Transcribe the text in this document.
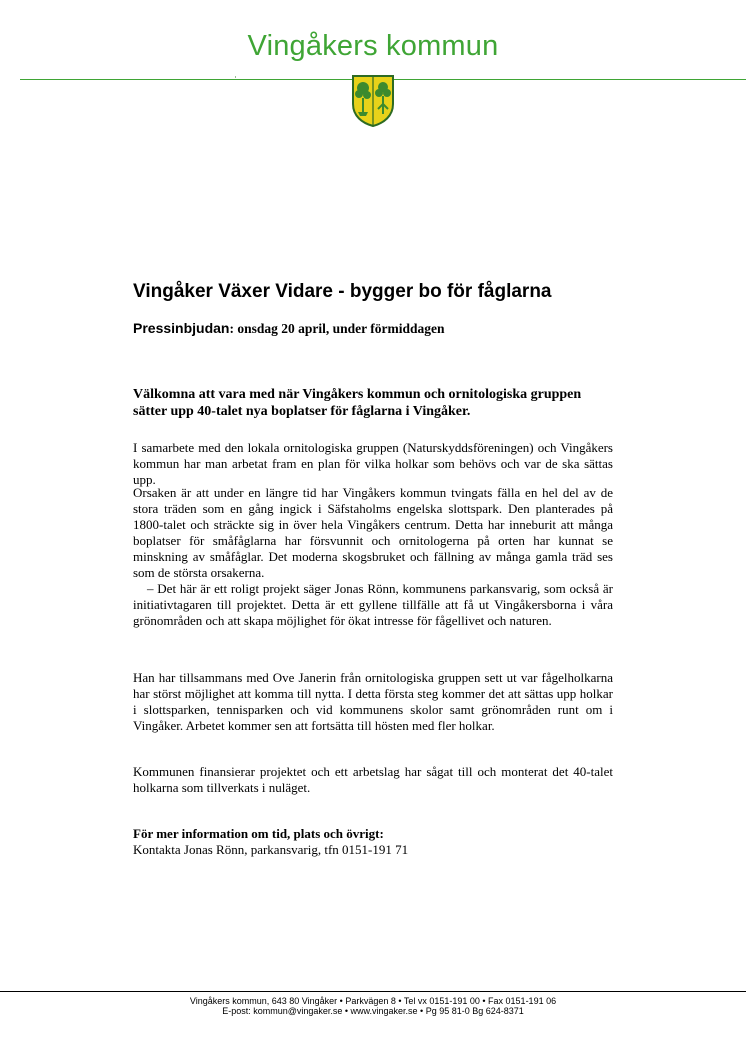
Vingåkers kommun
Vingåker Växer Vidare - bygger bo för fåglarna
Pressinbjudan: onsdag 20 april, under förmiddagen
Välkomna att vara med när Vingåkers kommun och ornitologiska gruppen sätter upp 40-talet nya boplatser för fåglarna i Vingåker.
I samarbete med den lokala ornitologiska gruppen (Naturskyddsföreningen) och Vingåkers kommun har man arbetat fram en plan för vilka holkar som behövs och var de ska sättas upp.
Orsaken är att under en längre tid har Vingåkers kommun tvingats fälla en hel del av de stora träden som en gång ingick i Säfstaholms engelska slottspark. Den planterades på 1800-talet och sträckte sig in över hela Vingåkers centrum. Detta har inneburit att många boplatser för småfåglarna har försvunnit och ornitologerna på orten har kunnat se minskning av småfåglar. Det moderna skogsbruket och fällning av många gamla träd ses som de största orsakerna.
– Det här är ett roligt projekt säger Jonas Rönn, kommunens parkansvarig, som också är initiativtagaren till projektet. Detta är ett gyllene tillfälle att få ut Vingåkersborna i våra grönområden och att skapa möjlighet för ökat intresse för fågellivet och naturen.
Han har tillsammans med Ove Janerin från ornitologiska gruppen sett ut var fågelholkarna har störst möjlighet att komma till nytta. I detta första steg kommer det att sättas upp holkar i slottsparken, tennisparken och vid kommunens skolor samt grönområden runt om i Vingåker. Arbetet kommer sen att fortsätta till hösten med fler holkar.
Kommunen finansierar projektet och ett arbetslag har sågat till och monterat det 40-talet holkarna som tillverkats i nuläget.
För mer information om tid, plats och övrigt:
Kontakta Jonas Rönn, parkansvarig, tfn 0151-191 71
Vingåkers kommun, 643 80 Vingåker • Parkvägen 8 • Tel vx 0151-191 00 • Fax 0151-191 06
E-post: kommun@vingaker.se • www.vingaker.se • Pg 95 81-0 Bg 624-8371
